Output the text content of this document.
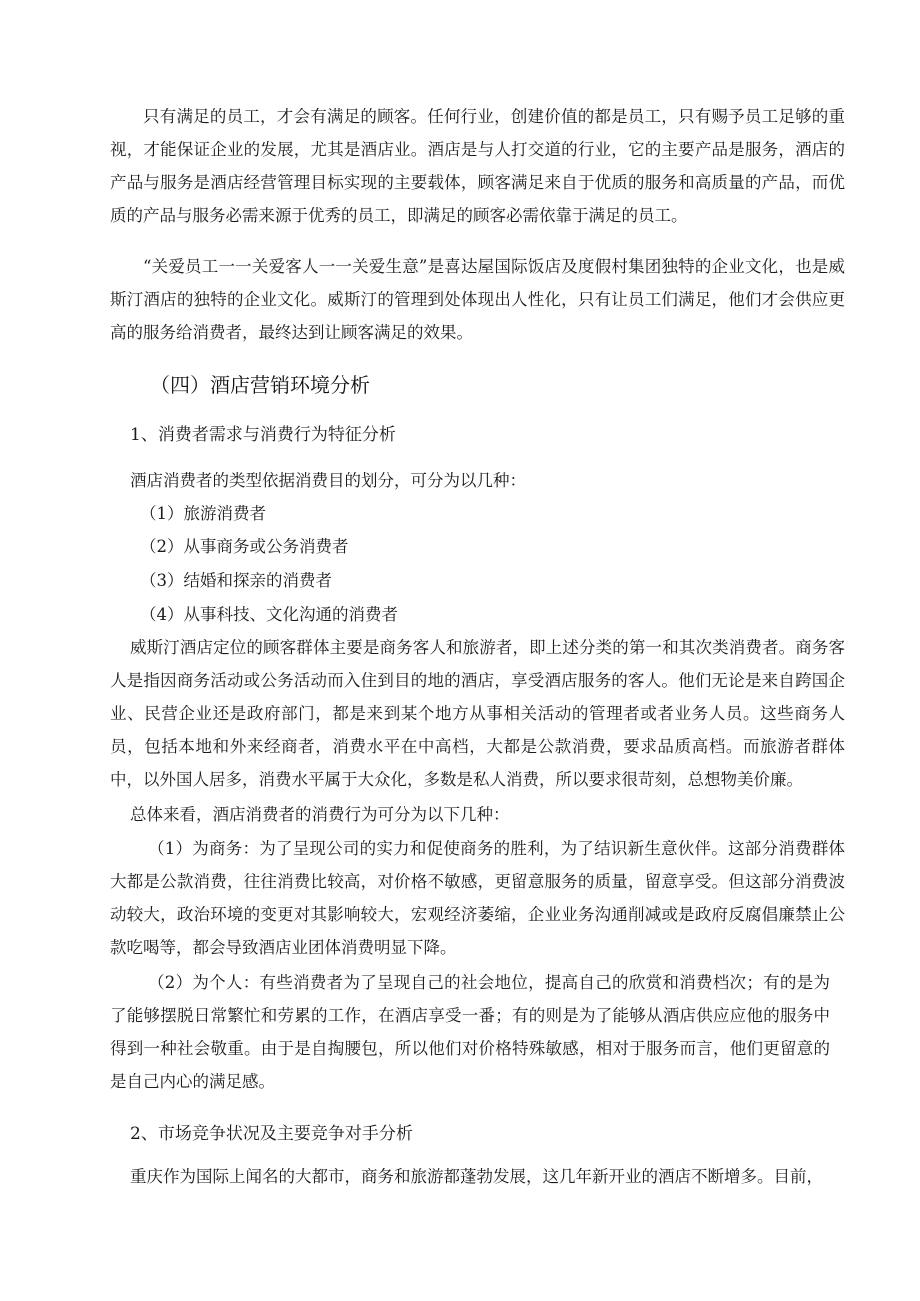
只有满足的员工，才会有满足的顾客。任何行业，创建价值的都是员工，只有赐予员工足够的重视，才能保证企业的发展，尤其是酒店业。酒店是与人打交道的行业，它的主要产品是服务，酒店的产品与服务是酒店经营管理目标实现的主要载体，顾客满足来自于优质的服务和高质量的产品，而优质的产品与服务必需来源于优秀的员工，即满足的顾客必需依靠于满足的员工。

“关爱员工一一关爱客人一一关爱生意”是喜达屋国际饭店及度假村集团独特的企业文化，也是威斯汀酒店的独特的企业文化。威斯汀的管理到处体现出人性化，只有让员工们满足，他们才会供应更高的服务给消费者，最终达到让顾客满足的效果。

（四）酒店营销环境分析
1、消费者需求与消费行为特征分析

酒店消费者的类型依据消费目的划分，可分为以几种：

（1）旅游消费者

（2）从事商务或公务消费者

（3）结婚和探亲的消费者

（4）从事科技、文化沟通的消费者

威斯汀酒店定位的顾客群体主要是商务客人和旅游者，即上述分类的第一和其次类消费者。商务客人是指因商务活动或公务活动而入住到目的地的酒店，享受酒店服务的客人。他们无论是来自跨国企业、民营企业还是政府部门，都是来到某个地方从事相关活动的管理者或者业务人员。这些商务人员，包括本地和外来经商者，消费水平在中高档，大都是公款消费，要求品质高档。而旅游者群体中，以外国人居多，消费水平属于大众化，多数是私人消费，所以要求很苛刻，总想物美价廉。

总体来看，酒店消费者的消费行为可分为以下几种：

（1）为商务：为了呈现公司的实力和促使商务的胜利，为了结识新生意伙伴。这部分消费群体大都是公款消费，往往消费比较高，对价格不敏感，更留意服务的质量，留意享受。但这部分消费波动较大，政治环境的变更对其影响较大，宏观经济萎缩，企业业务沟通削减或是政府反腐倡廉禁止公款吃喝等，都会导致酒店业团体消费明显下降。

（2）为个人：有些消费者为了呈现自己的社会地位，提高自己的欣赏和消费档次；有的是为了能够摆脱日常繁忙和劳累的工作，在酒店享受一番；有的则是为了能够从酒店供应应他的服务中得到一种社会敬重。由于是自掏腰包，所以他们对价格特殊敏感，相对于服务而言，他们更留意的是自己内心的满足感。

2、市场竞争状况及主要竞争对手分析

重庆作为国际上闻名的大都市，商务和旅游都蓬勃发展，这几年新开业的酒店不断增多。目前，
